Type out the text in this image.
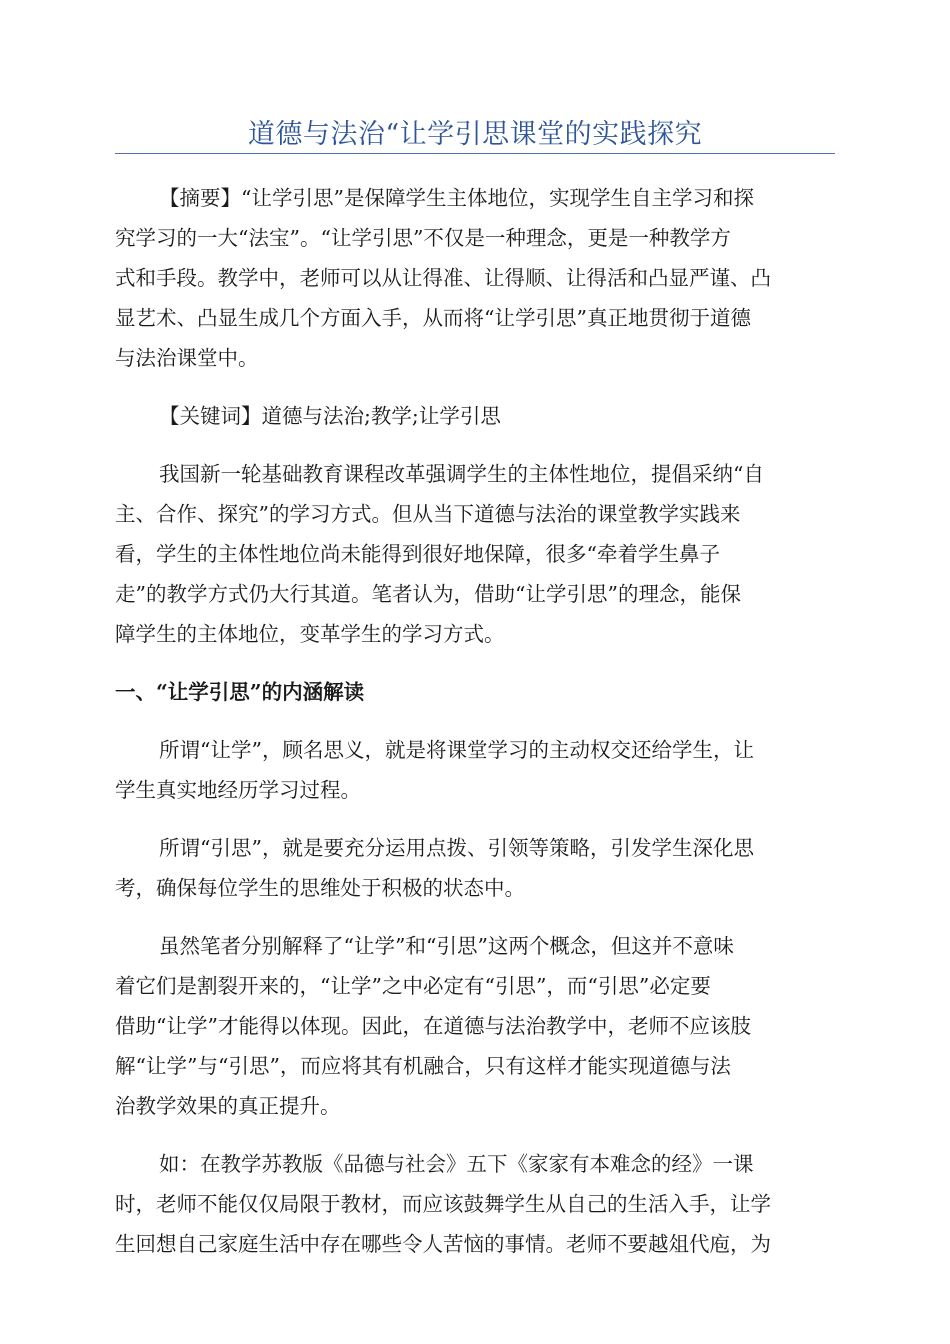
道德与法治“让学引思课堂的实践探究
【摘要】“让学引思”是保障学生主体地位，实现学生自主学习和探
究学习的一大“法宝”。“让学引思”不仅是一种理念，更是一种教学方
式和手段。教学中，老师可以从让得准、让得顺、让得活和凸显严谨、凸
显艺术、凸显生成几个方面入手，从而将“让学引思”真正地贯彻于道德
与法治课堂中。
【关键词】道德与法治;教学;让学引思
我国新一轮基础教育课程改革强调学生的主体性地位，提倡采纳“自
主、合作、探究”的学习方式。但从当下道德与法治的课堂教学实践来
看，学生的主体性地位尚未能得到很好地保障，很多“牵着学生鼻子
走”的教学方式仍大行其道。笔者认为，借助“让学引思”的理念，能保
障学生的主体地位，变革学生的学习方式。
一、“让学引思”的内涵解读
所谓“让学”，顾名思义，就是将课堂学习的主动权交还给学生，让
学生真实地经历学习过程。
所谓“引思”，就是要充分运用点拨、引领等策略，引发学生深化思
考，确保每位学生的思维处于积极的状态中。
虽然笔者分别解释了“让学”和“引思”这两个概念，但这并不意味
着它们是割裂开来的，“让学”之中必定有“引思”，而“引思”必定要
借助“让学”才能得以体现。因此，在道德与法治教学中，老师不应该肢
解“让学”与“引思”，而应将其有机融合，只有这样才能实现道德与法
治教学效果的真正提升。
如：在教学苏教版《品德与社会》五下《家家有本难念的经》一课
时，老师不能仅仅局限于教材，而应该鼓舞学生从自己的生活入手，让学
生回想自己家庭生活中存在哪些令人苦恼的事情。老师不要越俎代庖，为
